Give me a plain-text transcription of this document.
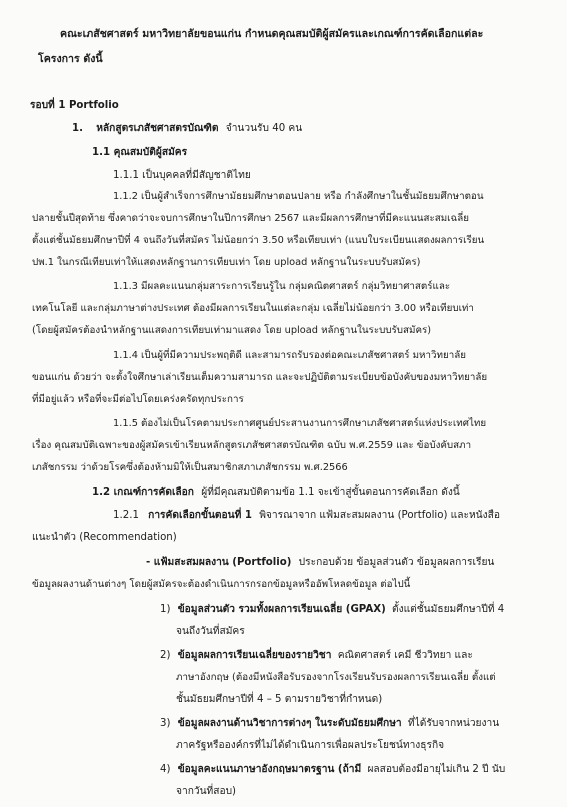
คณะเภสัชศาสตร์ มหาวิทยาลัยขอนแก่น กำหนดคุณสมบัติผู้สมัครและเกณฑ์การคัดเลือกแต่ละ
โครงการ ดังนี้
รอบที่ 1 Portfolio
1. หลักสูตรเภสัชศาสตรบัณฑิต จำนวนรับ 40 คน
1.1 คุณสมบัติผู้สมัคร
1.1.1 เป็นบุคคลที่มีสัญชาติไทย
1.1.2 เป็นผู้สำเร็จการศึกษามัธยมศึกษาตอนปลาย หรือ กำลังศึกษาในชั้นมัธยมศึกษาตอน
ปลายชั้นปีสุดท้าย ซึ่งคาดว่าจะจบการศึกษาในปีการศึกษา 2567 และมีผลการศึกษาที่มีคะแนนสะสมเฉลี่ย
ตั้งแต่ชั้นมัธยมศึกษาปีที่ 4 จนถึงวันที่สมัคร ไม่น้อยกว่า 3.50 หรือเทียบเท่า (แนบใบระเบียนแสดงผลการเรียน
ปพ.1 ในกรณีเทียบเท่าให้แสดงหลักฐานการเทียบเท่า โดย upload หลักฐานในระบบรับสมัคร)
1.1.3 มีผลคะแนนกลุ่มสาระการเรียนรู้ใน กลุ่มคณิตศาสตร์ กลุ่มวิทยาศาสตร์และ
เทคโนโลยี และกลุ่มภาษาต่างประเทศ ต้องมีผลการเรียนในแต่ละกลุ่ม เฉลี่ยไม่น้อยกว่า 3.00 หรือเทียบเท่า
(โดยผู้สมัครต้องนำหลักฐานแสดงการเทียบเท่ามาแสดง โดย upload หลักฐานในระบบรับสมัคร)
1.1.4 เป็นผู้ที่มีความประพฤติดี และสามารถรับรองต่อคณะเภสัชศาสตร์ มหาวิทยาลัย
ขอนแก่น ด้วยว่า จะตั้งใจศึกษาเล่าเรียนเต็มความสามารถ และจะปฏิบัติตามระเบียบข้อบังคับของมหาวิทยาลัย
ที่มีอยู่แล้ว หรือที่จะมีต่อไปโดยเคร่งครัดทุกประการ
1.1.5 ต้องไม่เป็นโรคตามประกาศศูนย์ประสานงานการศึกษาเภสัชศาสตร์แห่งประเทศไทย
เรื่อง คุณสมบัติเฉพาะของผู้สมัครเข้าเรียนหลักสูตรเภสัชศาสตรบัณฑิต ฉบับ พ.ศ.2559 และ ข้อบังคับสภา
เภสัชกรรม ว่าด้วยโรคซึ่งต้องห้ามมิให้เป็นสมาชิกสภาเภสัชกรรม พ.ศ.2566
1.2 เกณฑ์การคัดเลือก ผู้ที่มีคุณสมบัติตามข้อ 1.1 จะเข้าสู่ขั้นตอนการคัดเลือก ดังนี้
1.2.1 การคัดเลือกขั้นตอนที่ 1 พิจารณาจาก แฟ้มสะสมผลงาน (Portfolio) และหนังสือ
แนะนำตัว (Recommendation)
- แฟ้มสะสมผลงาน (Portfolio) ประกอบด้วย ข้อมูลส่วนตัว ข้อมูลผลการเรียน
ข้อมูลผลงานด้านต่างๆ โดยผู้สมัครจะต้องดำเนินการกรอกข้อมูลหรืออัพโหลดข้อมูล ต่อไปนี้
1) ข้อมูลส่วนตัว รวมทั้งผลการเรียนเฉลี่ย (GPAX) ตั้งแต่ชั้นมัธยมศึกษาปีที่ 4
จนถึงวันที่สมัคร
2) ข้อมูลผลการเรียนเฉลี่ยของรายวิชา คณิตศาสตร์ เคมี ชีววิทยา และ
ภาษาอังกฤษ (ต้องมีหนังสือรับรองจากโรงเรียนรับรองผลการเรียนเฉลี่ย ตั้งแต่
ชั้นมัธยมศึกษาปีที่ 4 – 5 ตามรายวิชาที่กำหนด)
3) ข้อมูลผลงานด้านวิชาการต่างๆ ในระดับมัธยมศึกษา ที่ได้รับจากหน่วยงาน
ภาครัฐหรือองค์กรที่ไม่ได้ดำเนินการเพื่อผลประโยชน์ทางธุรกิจ
4) ข้อมูลคะแนนภาษาอังกฤษมาตรฐาน (ถ้ามี ผลสอบต้องมีอายุไม่เกิน 2 ปี นับ
จากวันที่สอบ)
